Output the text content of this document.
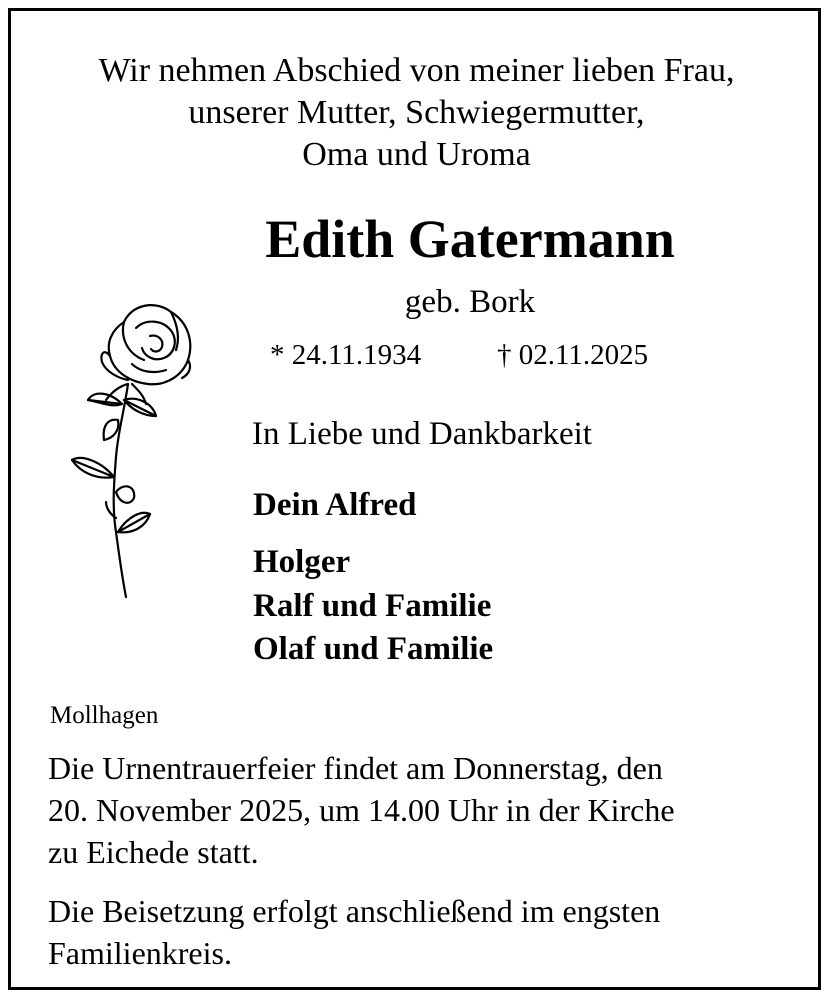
Wir nehmen Abschied von meiner lieben Frau,
unserer Mutter, Schwiegermutter,
Oma und Uroma
Edith Gatermann
geb. Bork
* 24.11.1934	† 02.11.2025
In Liebe und Dankbarkeit
Dein Alfred
Holger
Ralf und Familie
Olaf und Familie
Mollhagen
Die Urnentrauerfeier findet am Donnerstag, den
20. November 2025, um 14.00 Uhr in der Kirche
zu Eichede statt.
Die Beisetzung erfolgt anschließend im engsten
Familienkreis.
